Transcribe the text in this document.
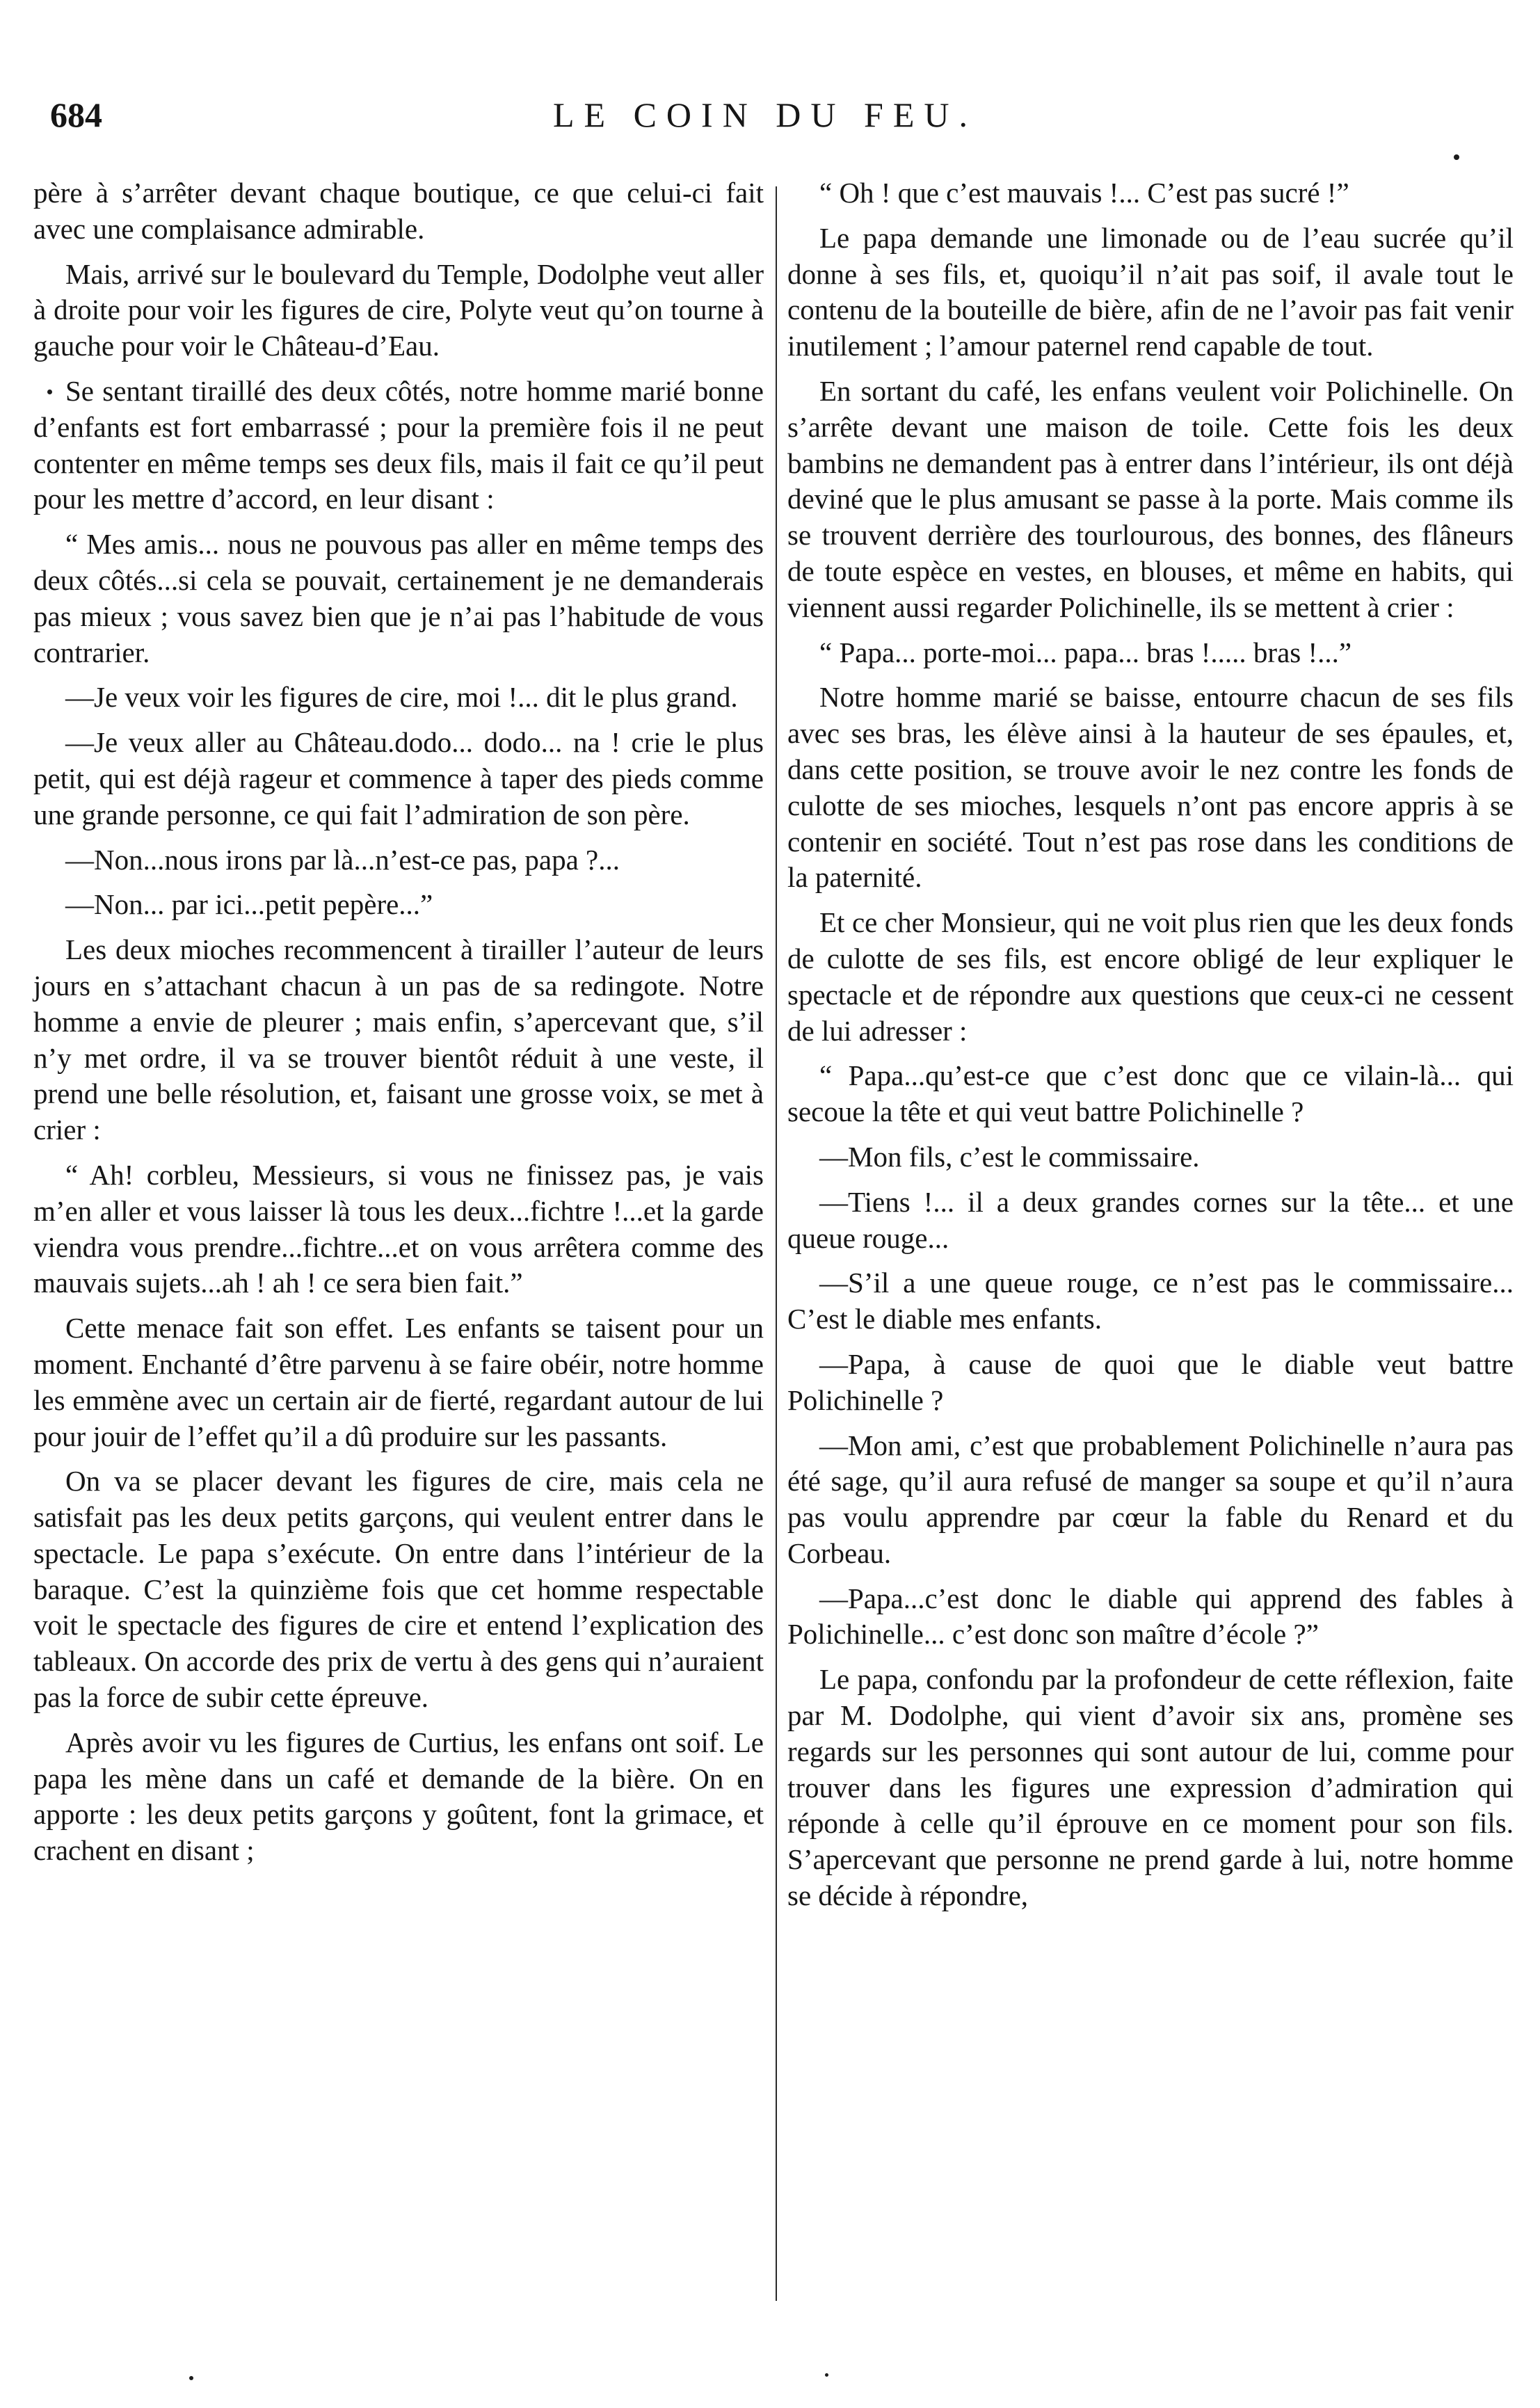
684	LE COIN DU FEU.

père à s’arrêter devant chaque boutique, ce que celui-ci fait avec une complaisance admirable.

Mais, arrivé sur le boulevard du Temple, Dodolphe veut aller à droite pour voir les figures de cire, Polyte veut qu’on tourne à gauche pour voir le Château-d’Eau.

Se sentant tiraillé des deux côtés, notre homme marié bonne d’enfants est fort embarrassé ; pour la première fois il ne peut contenter en même temps ses deux fils, mais il fait ce qu’il peut pour les mettre d’accord, en leur disant :

“ Mes amis... nous ne pouvous pas aller en même temps des deux côtés...si cela se pouvait, certainement je ne demanderais pas mieux ; vous savez bien que je n’ai pas l’habitude de vous contrarier.

—Je veux voir les figures de cire, moi !... dit le plus grand.

—Je veux aller au Château.dodo... dodo... na ! crie le plus petit, qui est déjà rageur et commence à taper des pieds comme une grande personne, ce qui fait l’admiration de son père.

—Non...nous irons par là...n’est-ce pas, papa ?...

—Non... par ici...petit pepère...”

Les deux mioches recommencent à tirailler l’auteur de leurs jours en s’attachant chacun à un pas de sa redingote. Notre homme a envie de pleurer ; mais enfin, s’apercevant que, s’il n’y met ordre, il va se trouver bientôt réduit à une veste, il prend une belle résolution, et, faisant une grosse voix, se met à crier :

“ Ah! corbleu, Messieurs, si vous ne finissez pas, je vais m’en aller et vous laisser là tous les deux...fichtre !...et la garde viendra vous prendre...fichtre...et on vous arrêtera comme des mauvais sujets...ah ! ah ! ce sera bien fait.”

Cette menace fait son effet. Les enfants se taisent pour un moment. Enchanté d’être parvenu à se faire obéir, notre homme les emmène avec un certain air de fierté, regardant autour de lui pour jouir de l’effet qu’il a dû produire sur les passants.

On va se placer devant les figures de cire, mais cela ne satisfait pas les deux petits garçons, qui veulent entrer dans le spectacle. Le papa s’exécute. On entre dans l’intérieur de la baraque. C’est la quinzième fois que cet homme respectable voit le spectacle des figures de cire et entend l’explication des tableaux. On accorde des prix de vertu à des gens qui n’auraient pas la force de subir cette épreuve.

Après avoir vu les figures de Curtius, les enfans ont soif. Le papa les mène dans un café et demande de la bière. On en apporte : les deux petits garçons y goûtent, font la grimace, et crachent en disant ;

“ Oh ! que c’est mauvais !... C’est pas sucré !”

Le papa demande une limonade ou de l’eau sucrée qu’il donne à ses fils, et, quoiqu’il n’ait pas soif, il avale tout le contenu de la bouteille de bière, afin de ne l’avoir pas fait venir inutilement ; l’amour paternel rend capable de tout.

En sortant du café, les enfans veulent voir Polichinelle. On s’arrête devant une maison de toile. Cette fois les deux bambins ne demandent pas à entrer dans l’intérieur, ils ont déjà deviné que le plus amusant se passe à la porte. Mais comme ils se trouvent derrière des tourlourous, des bonnes, des flâneurs de toute espèce en vestes, en blouses, et même en habits, qui viennent aussi regarder Polichinelle, ils se mettent à crier :

“ Papa... porte-moi... papa... bras !..... bras !...”

Notre homme marié se baisse, entourre chacun de ses fils avec ses bras, les élève ainsi à la hauteur de ses épaules, et, dans cette position, se trouve avoir le nez contre les fonds de culotte de ses mioches, lesquels n’ont pas encore appris à se contenir en société. Tout n’est pas rose dans les conditions de la paternité.

Et ce cher Monsieur, qui ne voit plus rien que les deux fonds de culotte de ses fils, est encore obligé de leur expliquer le spectacle et de répondre aux questions que ceux-ci ne cessent de lui adresser :

“ Papa...qu’est-ce que c’est donc que ce vilain-là... qui secoue la tête et qui veut battre Polichinelle ?

—Mon fils, c’est le commissaire.

—Tiens !... il a deux grandes cornes sur la tête... et une queue rouge...

—S’il a une queue rouge, ce n’est pas le commissaire... C’est le diable mes enfants.

—Papa, à cause de quoi que le diable veut battre Polichinelle ?

—Mon ami, c’est que probablement Polichinelle n’aura pas été sage, qu’il aura refusé de manger sa soupe et qu’il n’aura pas voulu apprendre par cœur la fable du Renard et du Corbeau.

—Papa...c’est donc le diable qui apprend des fables à Polichinelle... c’est donc son maître d’école ?”

Le papa, confondu par la profondeur de cette réflexion, faite par M. Dodolphe, qui vient d’avoir six ans, promène ses regards sur les personnes qui sont autour de lui, comme pour trouver dans les figures une expression d’admiration qui réponde à celle qu’il éprouve en ce moment pour son fils. S’apercevant que personne ne prend garde à lui, notre homme se décide à répondre,
